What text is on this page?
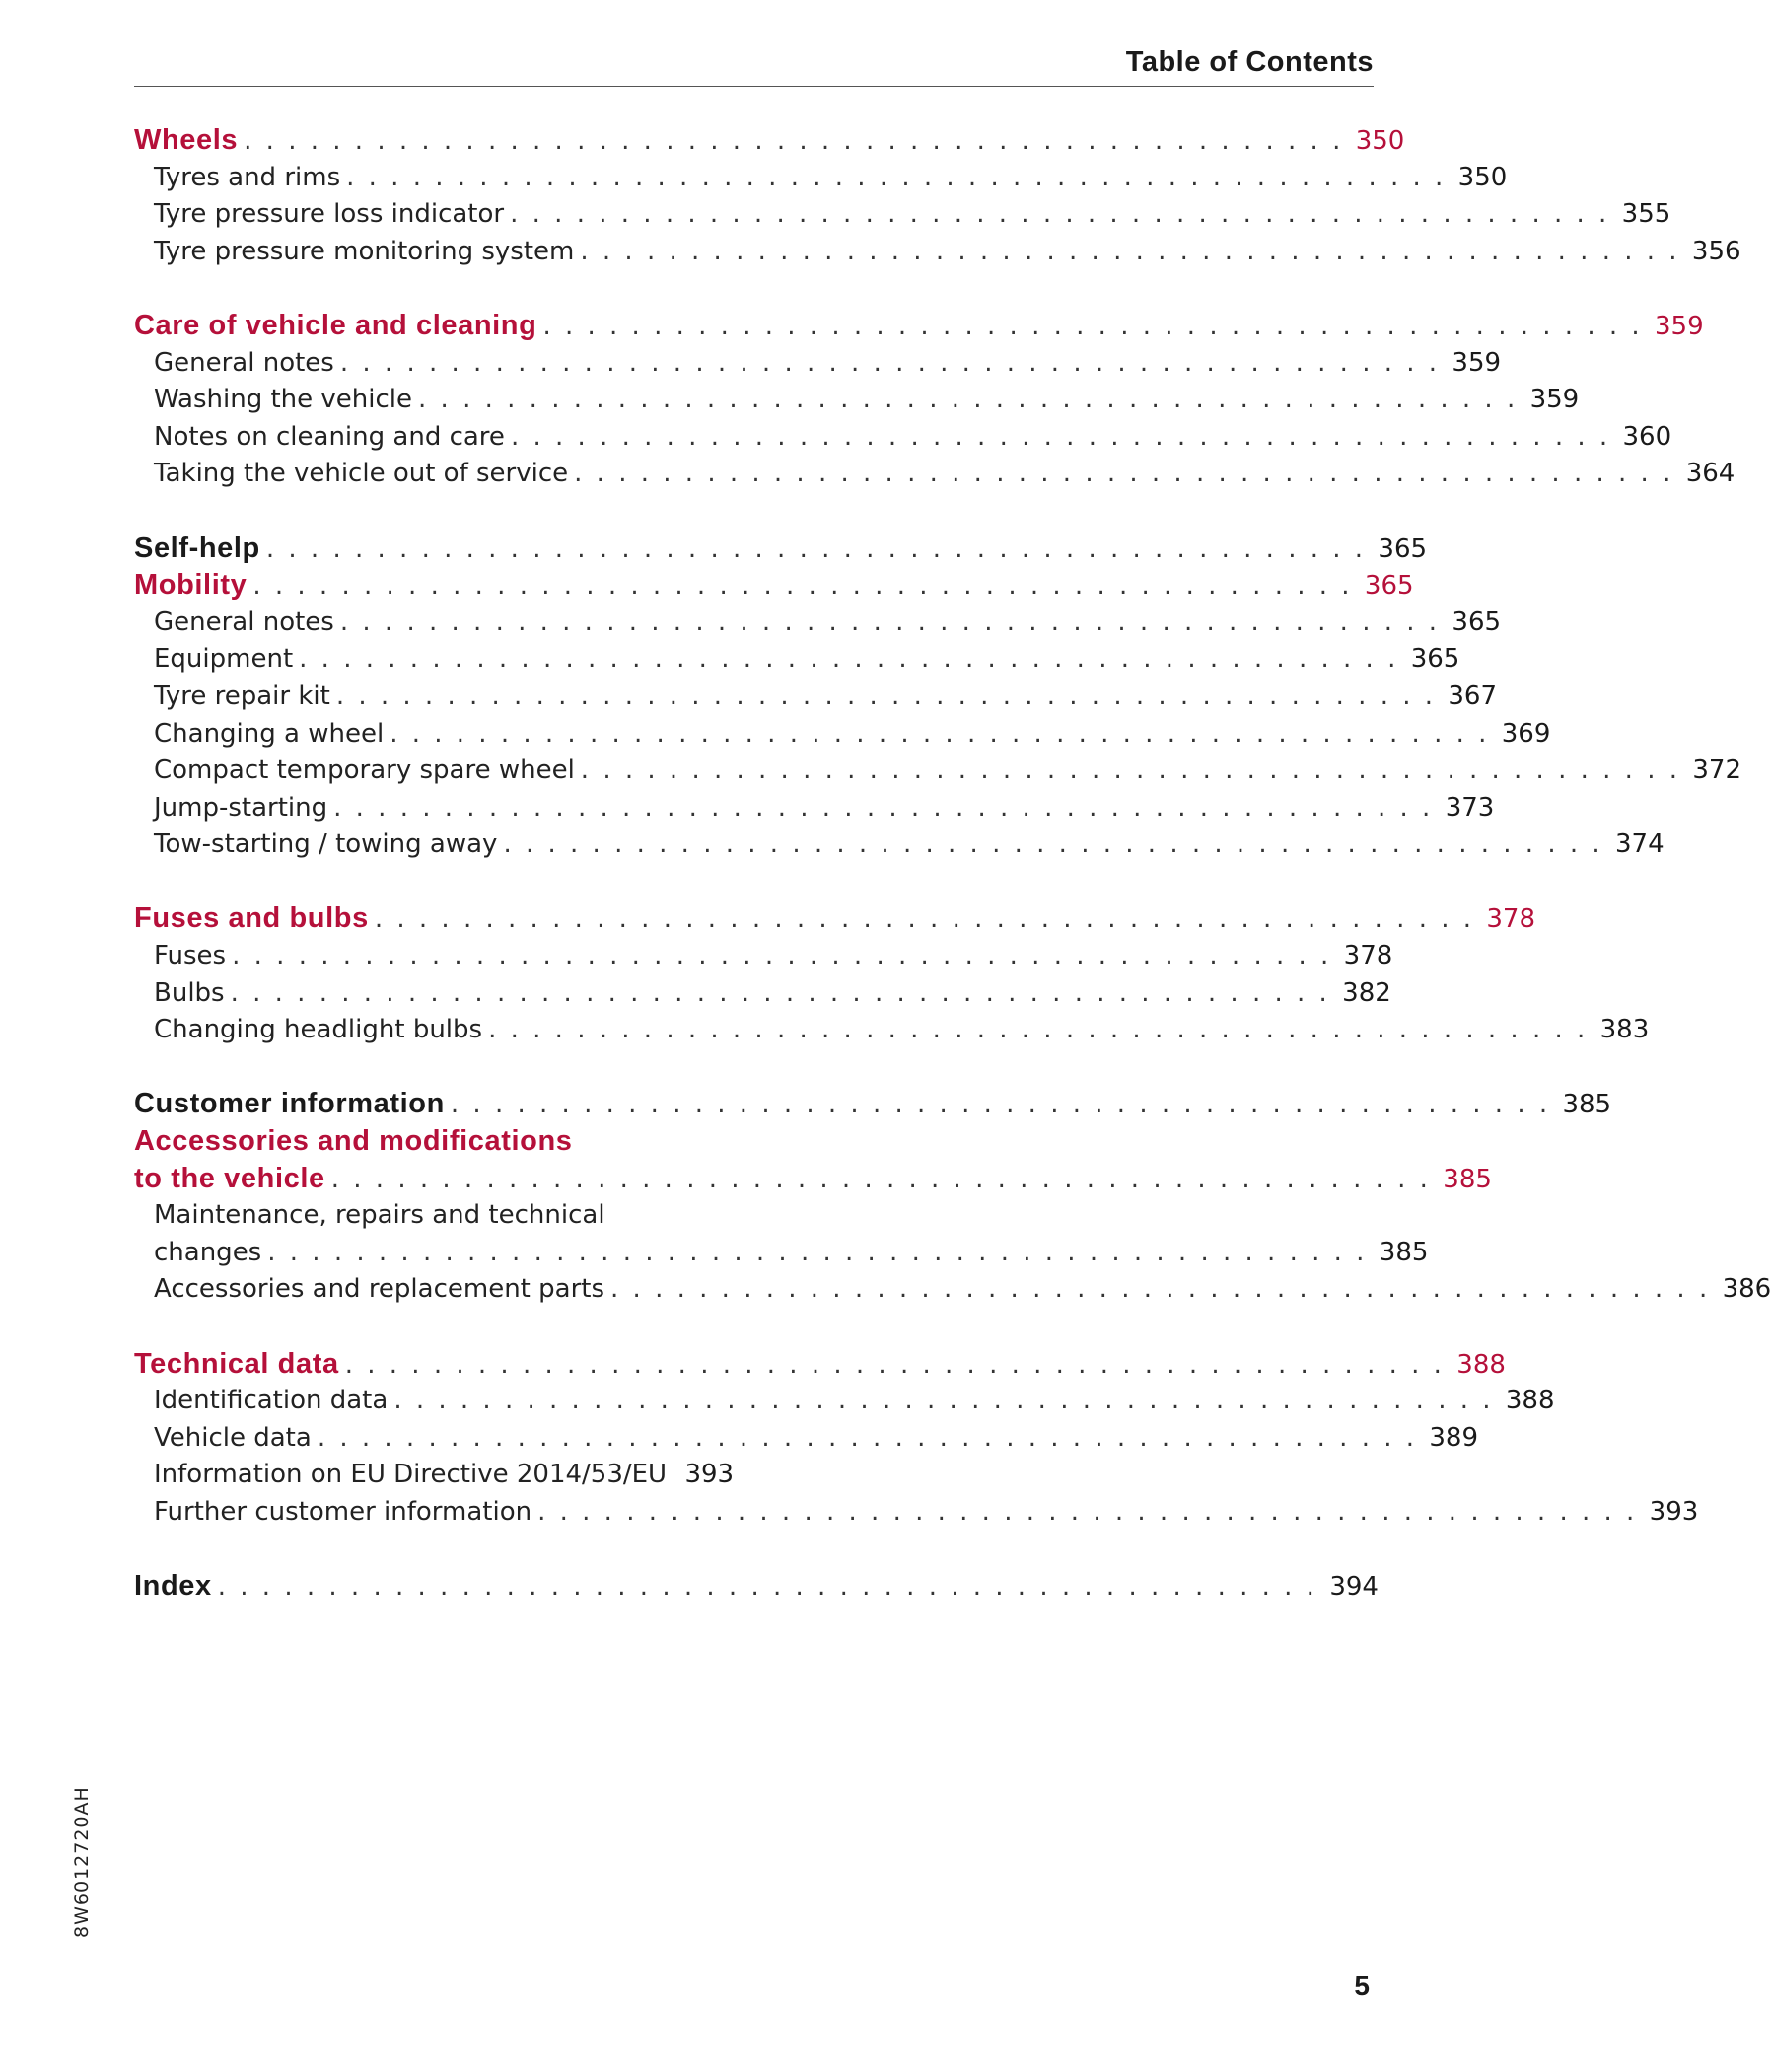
Table of Contents
Wheels . . . . . . . . . . . . . . . . . . . . . . . . . . . . . . . . . . . . . . . . . . . . . . . . . . 350
Tyres and rims . . . . . . . . . . . . . . . . . . . . . . . . . . . . . . . . . . . . . . . . . . . . . . . . . . 350
Tyre pressure loss indicator . . . . . . . . . . . . . . . . . . . . . . . . . . . . . . . . . . . . . . . . . . . . . . . . . . 355
Tyre pressure monitoring system . . . . . . . . . . . . . . . . . . . . . . . . . . . . . . . . . . . . . . . . . . . . . . . . . . 356
Care of vehicle and cleaning . . . . . . . . . . . . . . . . . . . . . . . . . . . . . . . . . . . . . . . . . . . . . . . . . . 359
General notes . . . . . . . . . . . . . . . . . . . . . . . . . . . . . . . . . . . . . . . . . . . . . . . . . . 359
Washing the vehicle . . . . . . . . . . . . . . . . . . . . . . . . . . . . . . . . . . . . . . . . . . . . . . . . . . 359
Notes on cleaning and care . . . . . . . . . . . . . . . . . . . . . . . . . . . . . . . . . . . . . . . . . . . . . . . . . . 360
Taking the vehicle out of service . . . . . . . . . . . . . . . . . . . . . . . . . . . . . . . . . . . . . . . . . . . . . . . . . . 364
Self-help . . . . . . . . . . . . . . . . . . . . . . . . . . . . . . . . . . . . . . . . . . . . . . . . . . 365
Mobility . . . . . . . . . . . . . . . . . . . . . . . . . . . . . . . . . . . . . . . . . . . . . . . . . . 365
General notes . . . . . . . . . . . . . . . . . . . . . . . . . . . . . . . . . . . . . . . . . . . . . . . . . . 365
Equipment . . . . . . . . . . . . . . . . . . . . . . . . . . . . . . . . . . . . . . . . . . . . . . . . . . 365
Tyre repair kit . . . . . . . . . . . . . . . . . . . . . . . . . . . . . . . . . . . . . . . . . . . . . . . . . . 367
Changing a wheel . . . . . . . . . . . . . . . . . . . . . . . . . . . . . . . . . . . . . . . . . . . . . . . . . . 369
Compact temporary spare wheel . . . . . . . . . . . . . . . . . . . . . . . . . . . . . . . . . . . . . . . . . . . . . . . . . . 372
Jump-starting . . . . . . . . . . . . . . . . . . . . . . . . . . . . . . . . . . . . . . . . . . . . . . . . . . 373
Tow-starting / towing away . . . . . . . . . . . . . . . . . . . . . . . . . . . . . . . . . . . . . . . . . . . . . . . . . . 374
Fuses and bulbs . . . . . . . . . . . . . . . . . . . . . . . . . . . . . . . . . . . . . . . . . . . . . . . . . . 378
Fuses . . . . . . . . . . . . . . . . . . . . . . . . . . . . . . . . . . . . . . . . . . . . . . . . . . 378
Bulbs . . . . . . . . . . . . . . . . . . . . . . . . . . . . . . . . . . . . . . . . . . . . . . . . . . 382
Changing headlight bulbs . . . . . . . . . . . . . . . . . . . . . . . . . . . . . . . . . . . . . . . . . . . . . . . . . . 383
Customer information . . . . . . . . . . . . . . . . . . . . . . . . . . . . . . . . . . . . . . . . . . . . . . . . . . 385
Accessories and modifications
to the vehicle . . . . . . . . . . . . . . . . . . . . . . . . . . . . . . . . . . . . . . . . . . . . . . . . . . 385
Maintenance, repairs and technical
changes . . . . . . . . . . . . . . . . . . . . . . . . . . . . . . . . . . . . . . . . . . . . . . . . . . 385
Accessories and replacement parts . . . . . . . . . . . . . . . . . . . . . . . . . . . . . . . . . . . . . . . . . . . . . . . . . . 386
Technical data . . . . . . . . . . . . . . . . . . . . . . . . . . . . . . . . . . . . . . . . . . . . . . . . . . 388
Identification data . . . . . . . . . . . . . . . . . . . . . . . . . . . . . . . . . . . . . . . . . . . . . . . . . . 388
Vehicle data . . . . . . . . . . . . . . . . . . . . . . . . . . . . . . . . . . . . . . . . . . . . . . . . . . 389
Information on EU Directive 2014/53/EU 393
Further customer information . . . . . . . . . . . . . . . . . . . . . . . . . . . . . . . . . . . . . . . . . . . . . . . . . . 393
Index . . . . . . . . . . . . . . . . . . . . . . . . . . . . . . . . . . . . . . . . . . . . . . . . . . 394
8W6012720AH
5
